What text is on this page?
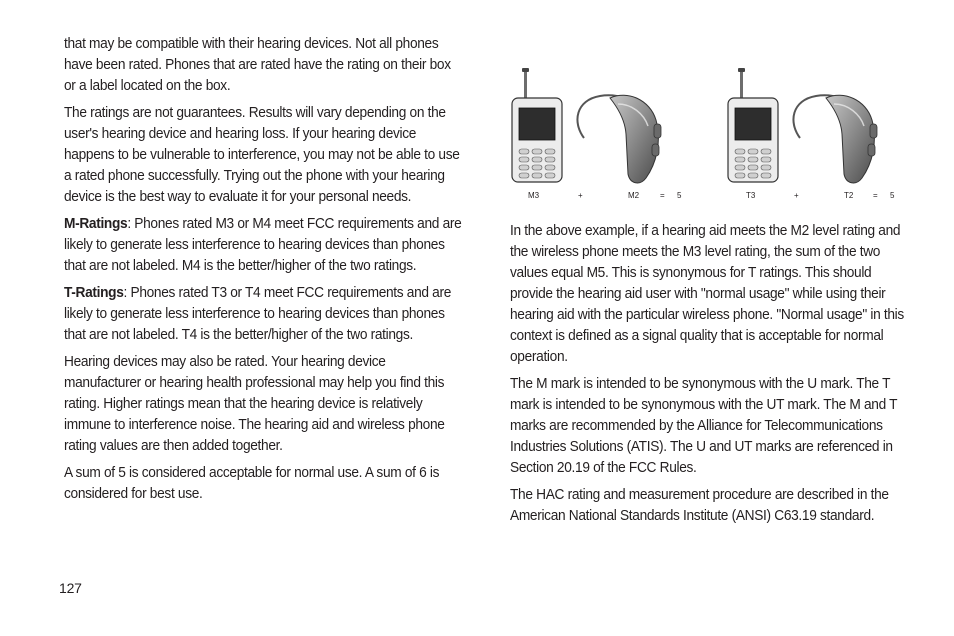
that may be compatible with their hearing devices. Not all phones have been rated. Phones that are rated have the rating on their box or a label located on the box.

The ratings are not guarantees. Results will vary depending on the user's hearing device and hearing loss. If your hearing device happens to be vulnerable to interference, you may not be able to use a rated phone successfully. Trying out the phone with your hearing device is the best way to evaluate it for your personal needs.

M-Ratings: Phones rated M3 or M4 meet FCC requirements and are likely to generate less interference to hearing devices than phones that are not labeled. M4 is the better/higher of the two ratings.

T-Ratings: Phones rated T3 or T4 meet FCC requirements and are likely to generate less interference to hearing devices than phones that are not labeled. T4 is the better/higher of the two ratings.

Hearing devices may also be rated. Your hearing device manufacturer or hearing health professional may help you find this rating. Higher ratings mean that the hearing device is relatively immune to interference noise. The hearing aid and wireless phone rating values are then added together.

A sum of 5 is considered acceptable for normal use. A sum of 6 is considered for best use.

M3	+	M2	= 5	T3	+	T2 = 5

In the above example, if a hearing aid meets the M2 level rating and the wireless phone meets the M3 level rating, the sum of the two values equal M5. This is synonymous for T ratings. This should provide the hearing aid user with "normal usage" while using their hearing aid with the particular wireless phone. "Normal usage" in this context is defined as a signal quality that is acceptable for normal operation.

The M mark is intended to be synonymous with the U mark. The T mark is intended to be synonymous with the UT mark. The M and T marks are recommended by the Alliance for Telecommunications Industries Solutions (ATIS). The U and UT marks are referenced in Section 20.19 of the FCC Rules.

The HAC rating and measurement procedure are described in the American National Standards Institute (ANSI) C63.19 standard.

127
